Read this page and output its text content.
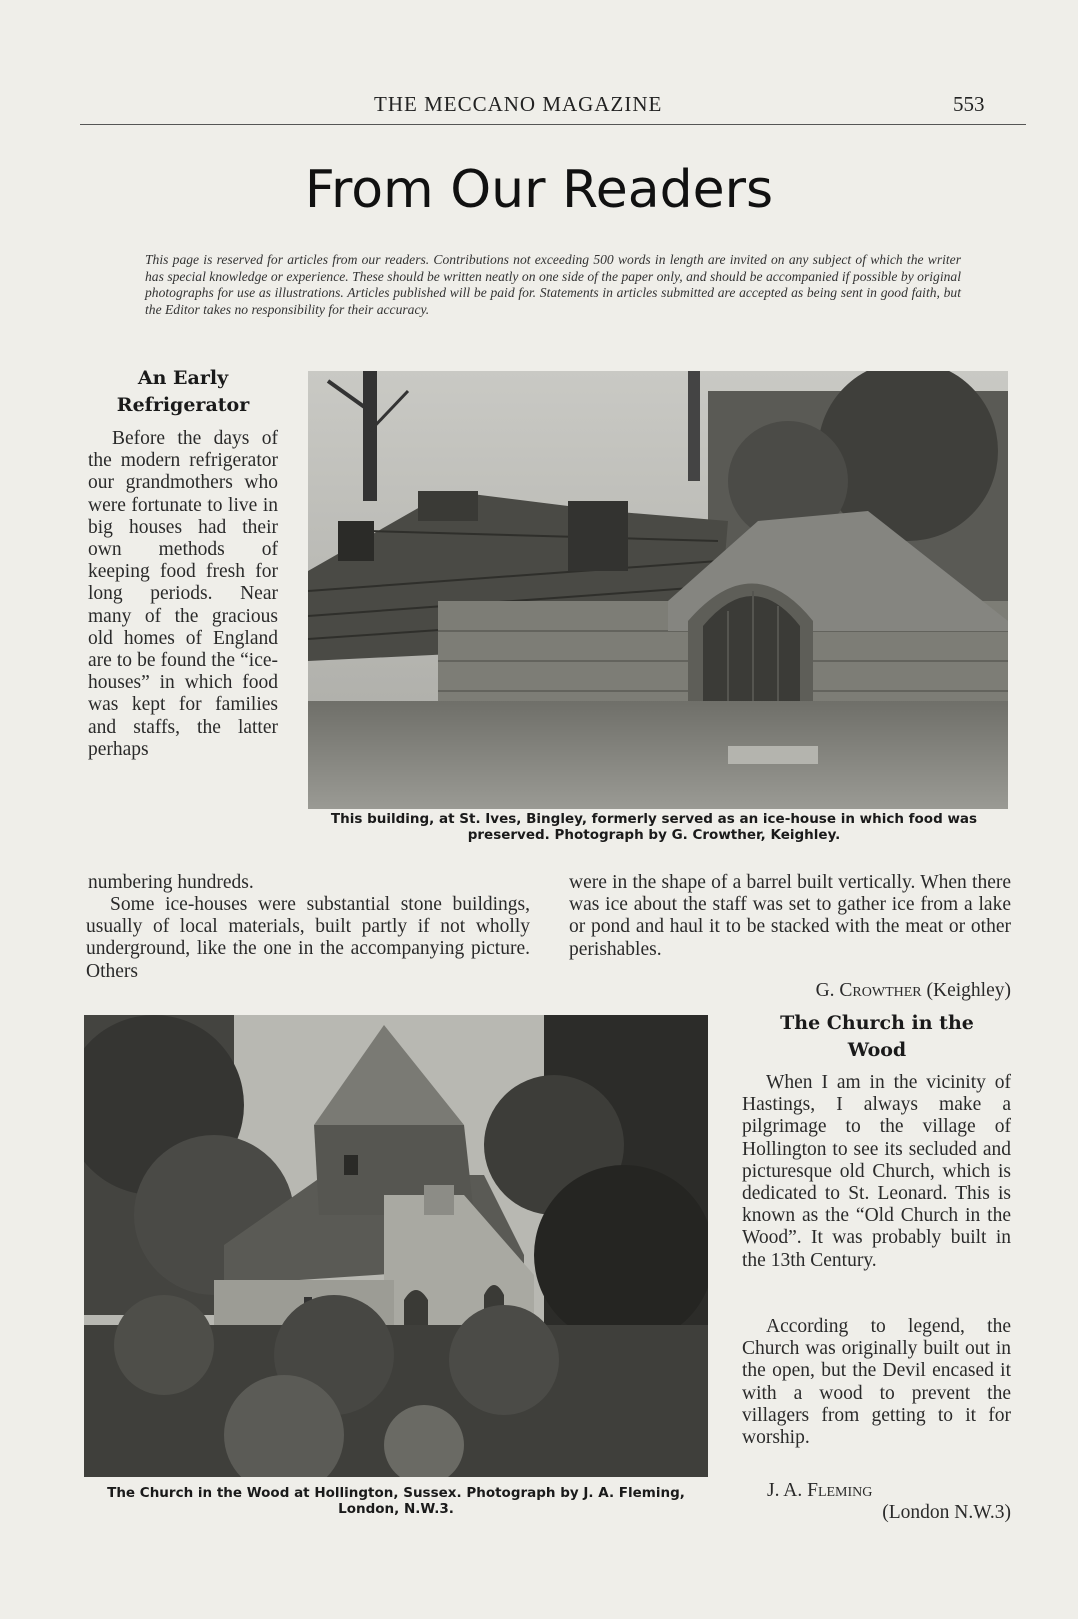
THE MECCANO MAGAZINE	553
From Our Readers
This page is reserved for articles from our readers. Contributions not exceeding 500 words in length are invited on any subject of which the writer has special knowledge or experience. These should be written neatly on one side of the paper only, and should be accompanied if possible by original photographs for use as illustrations. Articles published will be paid for. Statements in articles submitted are accepted as being sent in good faith, but the Editor takes no responsibility for their accuracy.
An Early
Refrigerator
Before the days of the modern refrigerator our grandmothers who were fortunate to live in big houses had their own methods of keeping food fresh for long periods. Near many of the gracious old homes of England are to be found the “ice-houses” in which food was kept for families and staffs, the latter perhaps
numbering hundreds.
This building, at St. Ives, Bingley, formerly served as an ice-house in which food was preserved. Photograph by G. Crowther, Keighley.
Some ice-houses were substantial stone buildings, usually of local materials, built partly if not wholly underground, like the one in the accompanying picture. Others
were in the shape of a barrel built vertically. When there was ice about the staff was set to gather ice from a lake or pond and haul it to be stacked with the meat or other perishables.
G. Crowther (Keighley)
The Church in the Wood at Hollington, Sussex. Photograph by J. A. Fleming, London, N.W.3.
The Church in the
Wood
When I am in the vicinity of Hastings, I always make a pilgrimage to the village of Hollington to see its secluded and picturesque old Church, which is dedicated to St. Leonard. This is known as the “Old Church in the Wood”. It was probably built in the 13th Century.
According to legend, the Church was originally built out in the open, but the Devil encased it with a wood to prevent the villagers from getting to it for worship.
J. A. Fleming
(London N.W.3)
